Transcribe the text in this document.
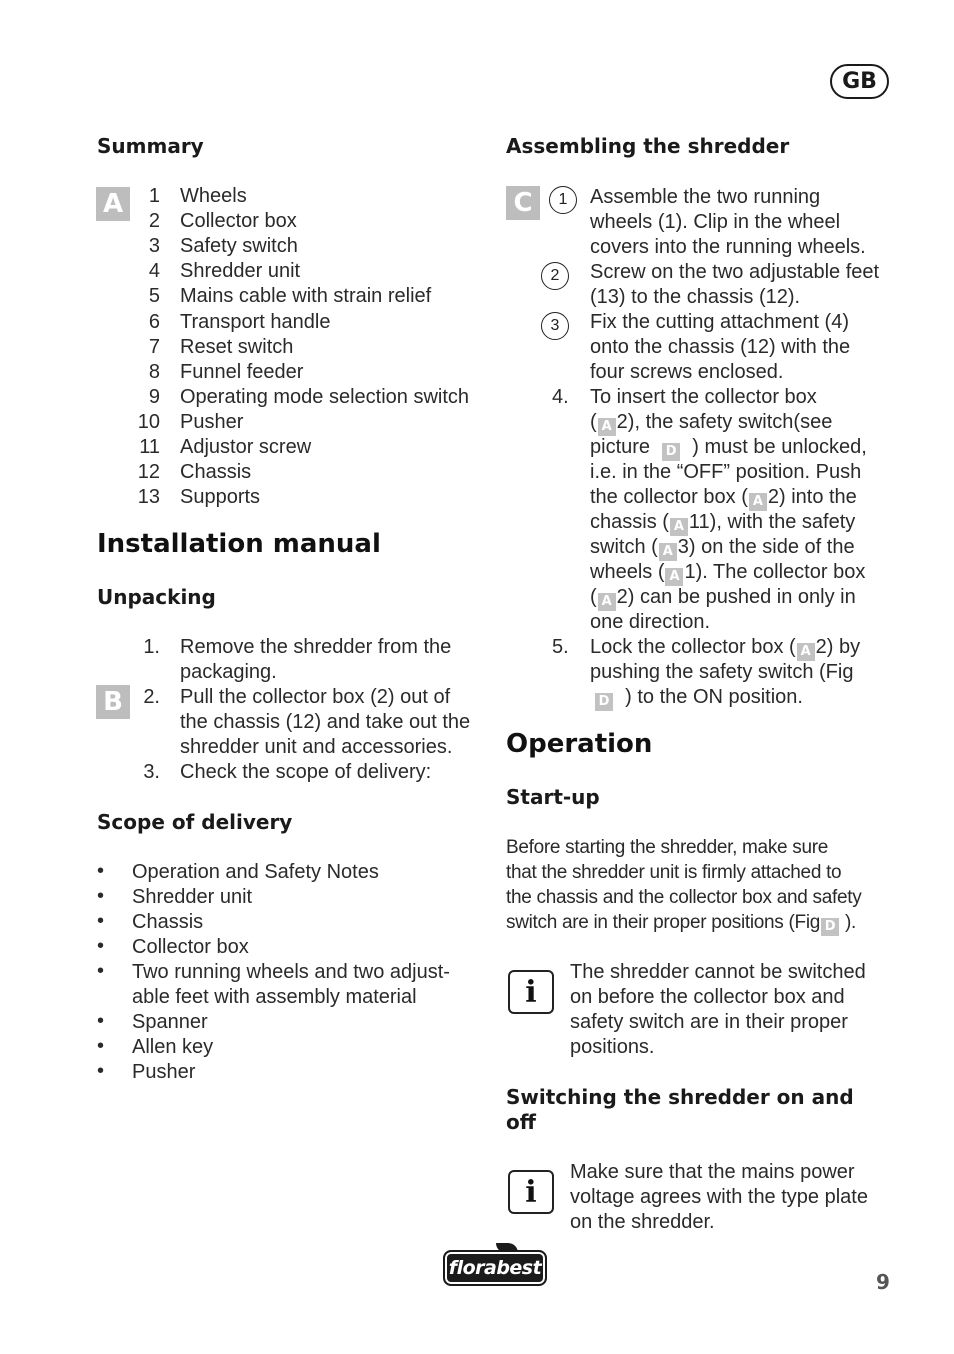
GB
Summary
A	1 Wheels
2 Collector box
3 Safety switch
4 Shredder unit
5 Mains cable with strain relief
6 Transport handle
7 Reset switch
8 Funnel feeder
9 Operating mode selection switch
10 Pusher
11 Adjustor screw
12 Chassis
13 Supports
Installation manual
Unpacking
B
1. Remove the shredder from the
packaging.
2. Pull the collector box (2) out of
the chassis (12) and take out the
shredder unit and accessories.
3. Check the scope of delivery:
Scope of delivery
• Operation and Safety Notes
• Shredder unit
• Chassis
• Collector box
• Two running wheels and two adjust-
able feet with assembly material
• Spanner
• Allen key
• Pusher
Assembling the shredder
C	1	Assemble the two running
wheels (1). Clip in the wheel
covers into the running wheels.
2	Screw on the two adjustable feet
(13) to the chassis (12).
3	Fix the cutting attachment (4)
onto the chassis (12) with the
four screws enclosed.
4. To insert the collector box
( A 2), the safety switch(see
picture D ) must be unlocked,
i.e. in the “OFF” position. Push
the collector box ( A 2) into the
chassis ( A 11), with the safety
switch ( A 3) on the side of the
wheels ( A 1). The collector box
( A 2) can be pushed in only in
one direction.
5. Lock the collector box ( A 2) by
pushing the safety switch (Fig
D ) to the ON position.
Operation
Start-up
Before starting the shredder, make sure
that the shredder unit is firmly attached to
the chassis and the collector box and safety
switch are in their proper positions (Fig D ).
i
The shredder cannot be switched
on before the collector box and
safety switch are in their proper
positions.
Switching the shredder on and
off
i
Make sure that the mains power
voltage agrees with the type plate
on the shredder.
florabest
9
